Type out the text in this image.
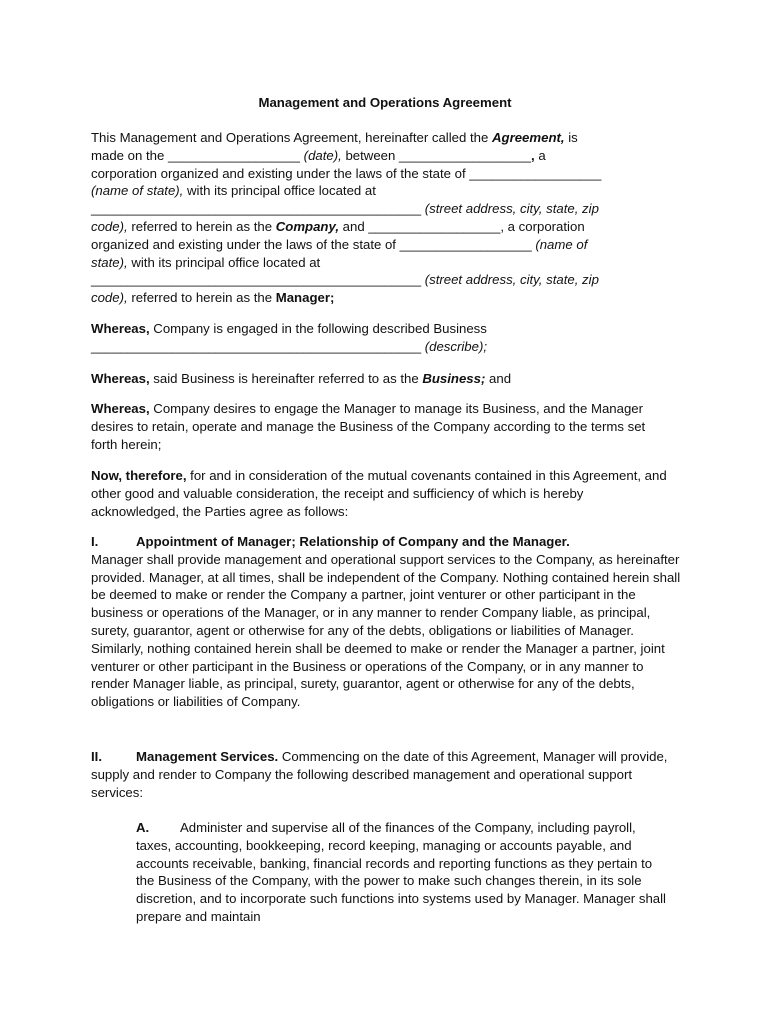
Management and Operations Agreement
This Management and Operations Agreement, hereinafter called the Agreement, is
made on the __________________ (date), between __________________, a
corporation organized and existing under the laws of the state of __________________
(name of state), with its principal office located at
_____________________________________________ (street address, city, state, zip
code), referred to herein as the Company, and __________________, a corporation
organized and existing under the laws of the state of __________________ (name of
state), with its principal office located at
_____________________________________________ (street address, city, state, zip
code), referred to herein as the Manager;
Whereas, Company is engaged in the following described Business
_____________________________________________ (describe);
Whereas, said Business is hereinafter referred to as the Business; and
Whereas, Company desires to engage the Manager to manage its Business, and the Manager desires to retain, operate and manage the Business of the Company according to the terms set forth herein;
Now, therefore, for and in consideration of the mutual covenants contained in this Agreement, and other good and valuable consideration, the receipt and sufficiency of which is hereby acknowledged, the Parties agree as follows:
I.	Appointment of Manager; Relationship of Company and the Manager.
Manager shall provide management and operational support services to the Company, as hereinafter provided. Manager, at all times, shall be independent of the Company. Nothing contained herein shall be deemed to make or render the Company a partner, joint venturer or other participant in the business or operations of the Manager, or in any manner to render Company liable, as principal, surety, guarantor, agent or otherwise for any of the debts, obligations or liabilities of Manager. Similarly, nothing contained herein shall be deemed to make or render the Manager a partner, joint venturer or other participant in the Business or operations of the Company, or in any manner to render Manager liable, as principal, surety, guarantor, agent or otherwise for any of the debts, obligations or liabilities of Company.
II.	Management Services. Commencing on the date of this Agreement, Manager will provide, supply and render to Company the following described management and operational support services:
A. Administer and supervise all of the finances of the Company, including payroll, taxes, accounting, bookkeeping, record keeping, managing or accounts payable, and accounts receivable, banking, financial records and reporting functions as they pertain to the Business of the Company, with the power to make such changes therein, in its sole discretion, and to incorporate such functions into systems used by Manager. Manager shall prepare and maintain
